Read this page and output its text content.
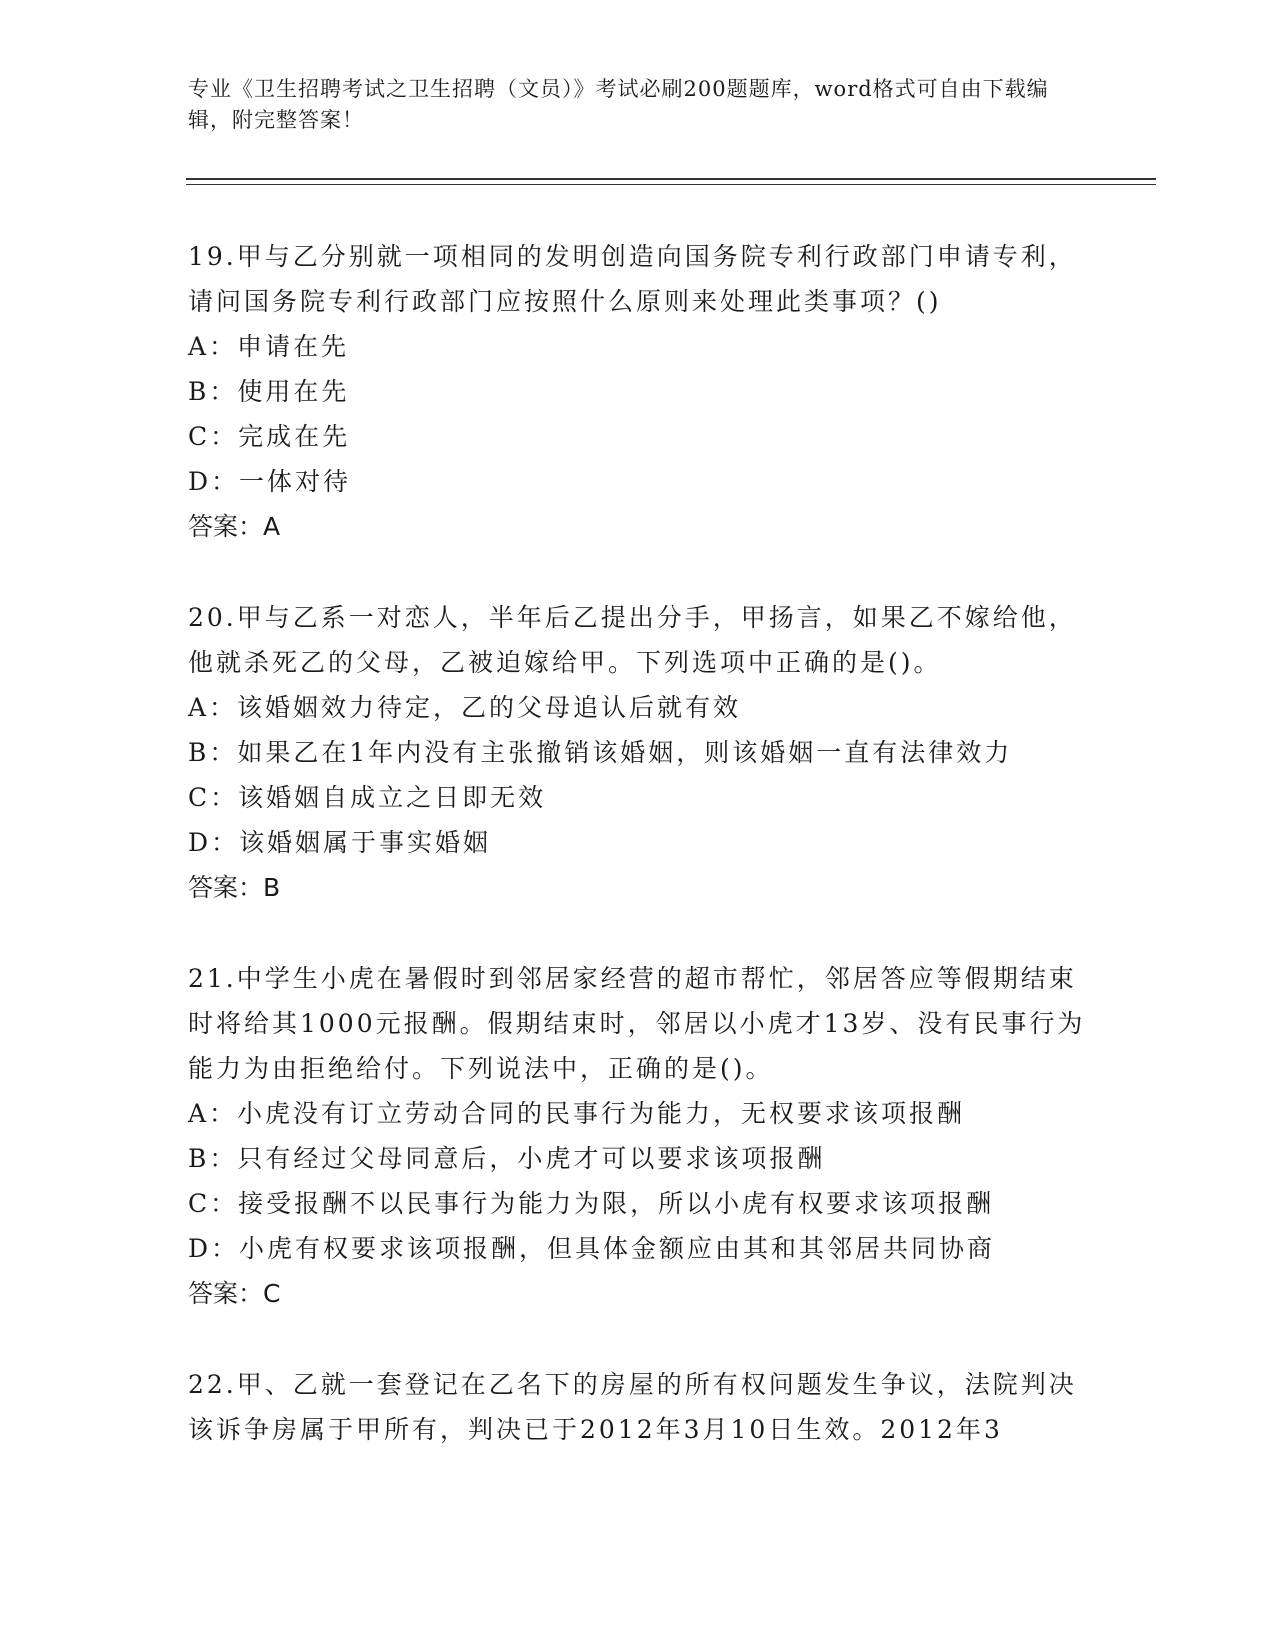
专业《卫生招聘考试之卫生招聘（文员）》考试必刷200题题库，word格式可自由下载编辑，附完整答案！
19.甲与乙分别就一项相同的发明创造向国务院专利行政部门申请专利，请问国务院专利行政部门应按照什么原则来处理此类事项？()
A：申请在先
B：使用在先
C：完成在先
D：一体对待
答案：A
20.甲与乙系一对恋人，半年后乙提出分手，甲扬言，如果乙不嫁给他，他就杀死乙的父母，乙被迫嫁给甲。下列选项中正确的是()。
A：该婚姻效力待定，乙的父母追认后就有效
B：如果乙在1年内没有主张撤销该婚姻，则该婚姻一直有法律效力
C：该婚姻自成立之日即无效
D：该婚姻属于事实婚姻
答案：B
21.中学生小虎在暑假时到邻居家经营的超市帮忙，邻居答应等假期结束时将给其1000元报酬。假期结束时，邻居以小虎才13岁、没有民事行为能力为由拒绝给付。下列说法中，正确的是()。
A：小虎没有订立劳动合同的民事行为能力，无权要求该项报酬
B：只有经过父母同意后，小虎才可以要求该项报酬
C：接受报酬不以民事行为能力为限，所以小虎有权要求该项报酬
D：小虎有权要求该项报酬，但具体金额应由其和其邻居共同协商
答案：C
22.甲、乙就一套登记在乙名下的房屋的所有权问题发生争议，法院判决该诉争房属于甲所有，判决已于2012年3月10日生效。2012年3
